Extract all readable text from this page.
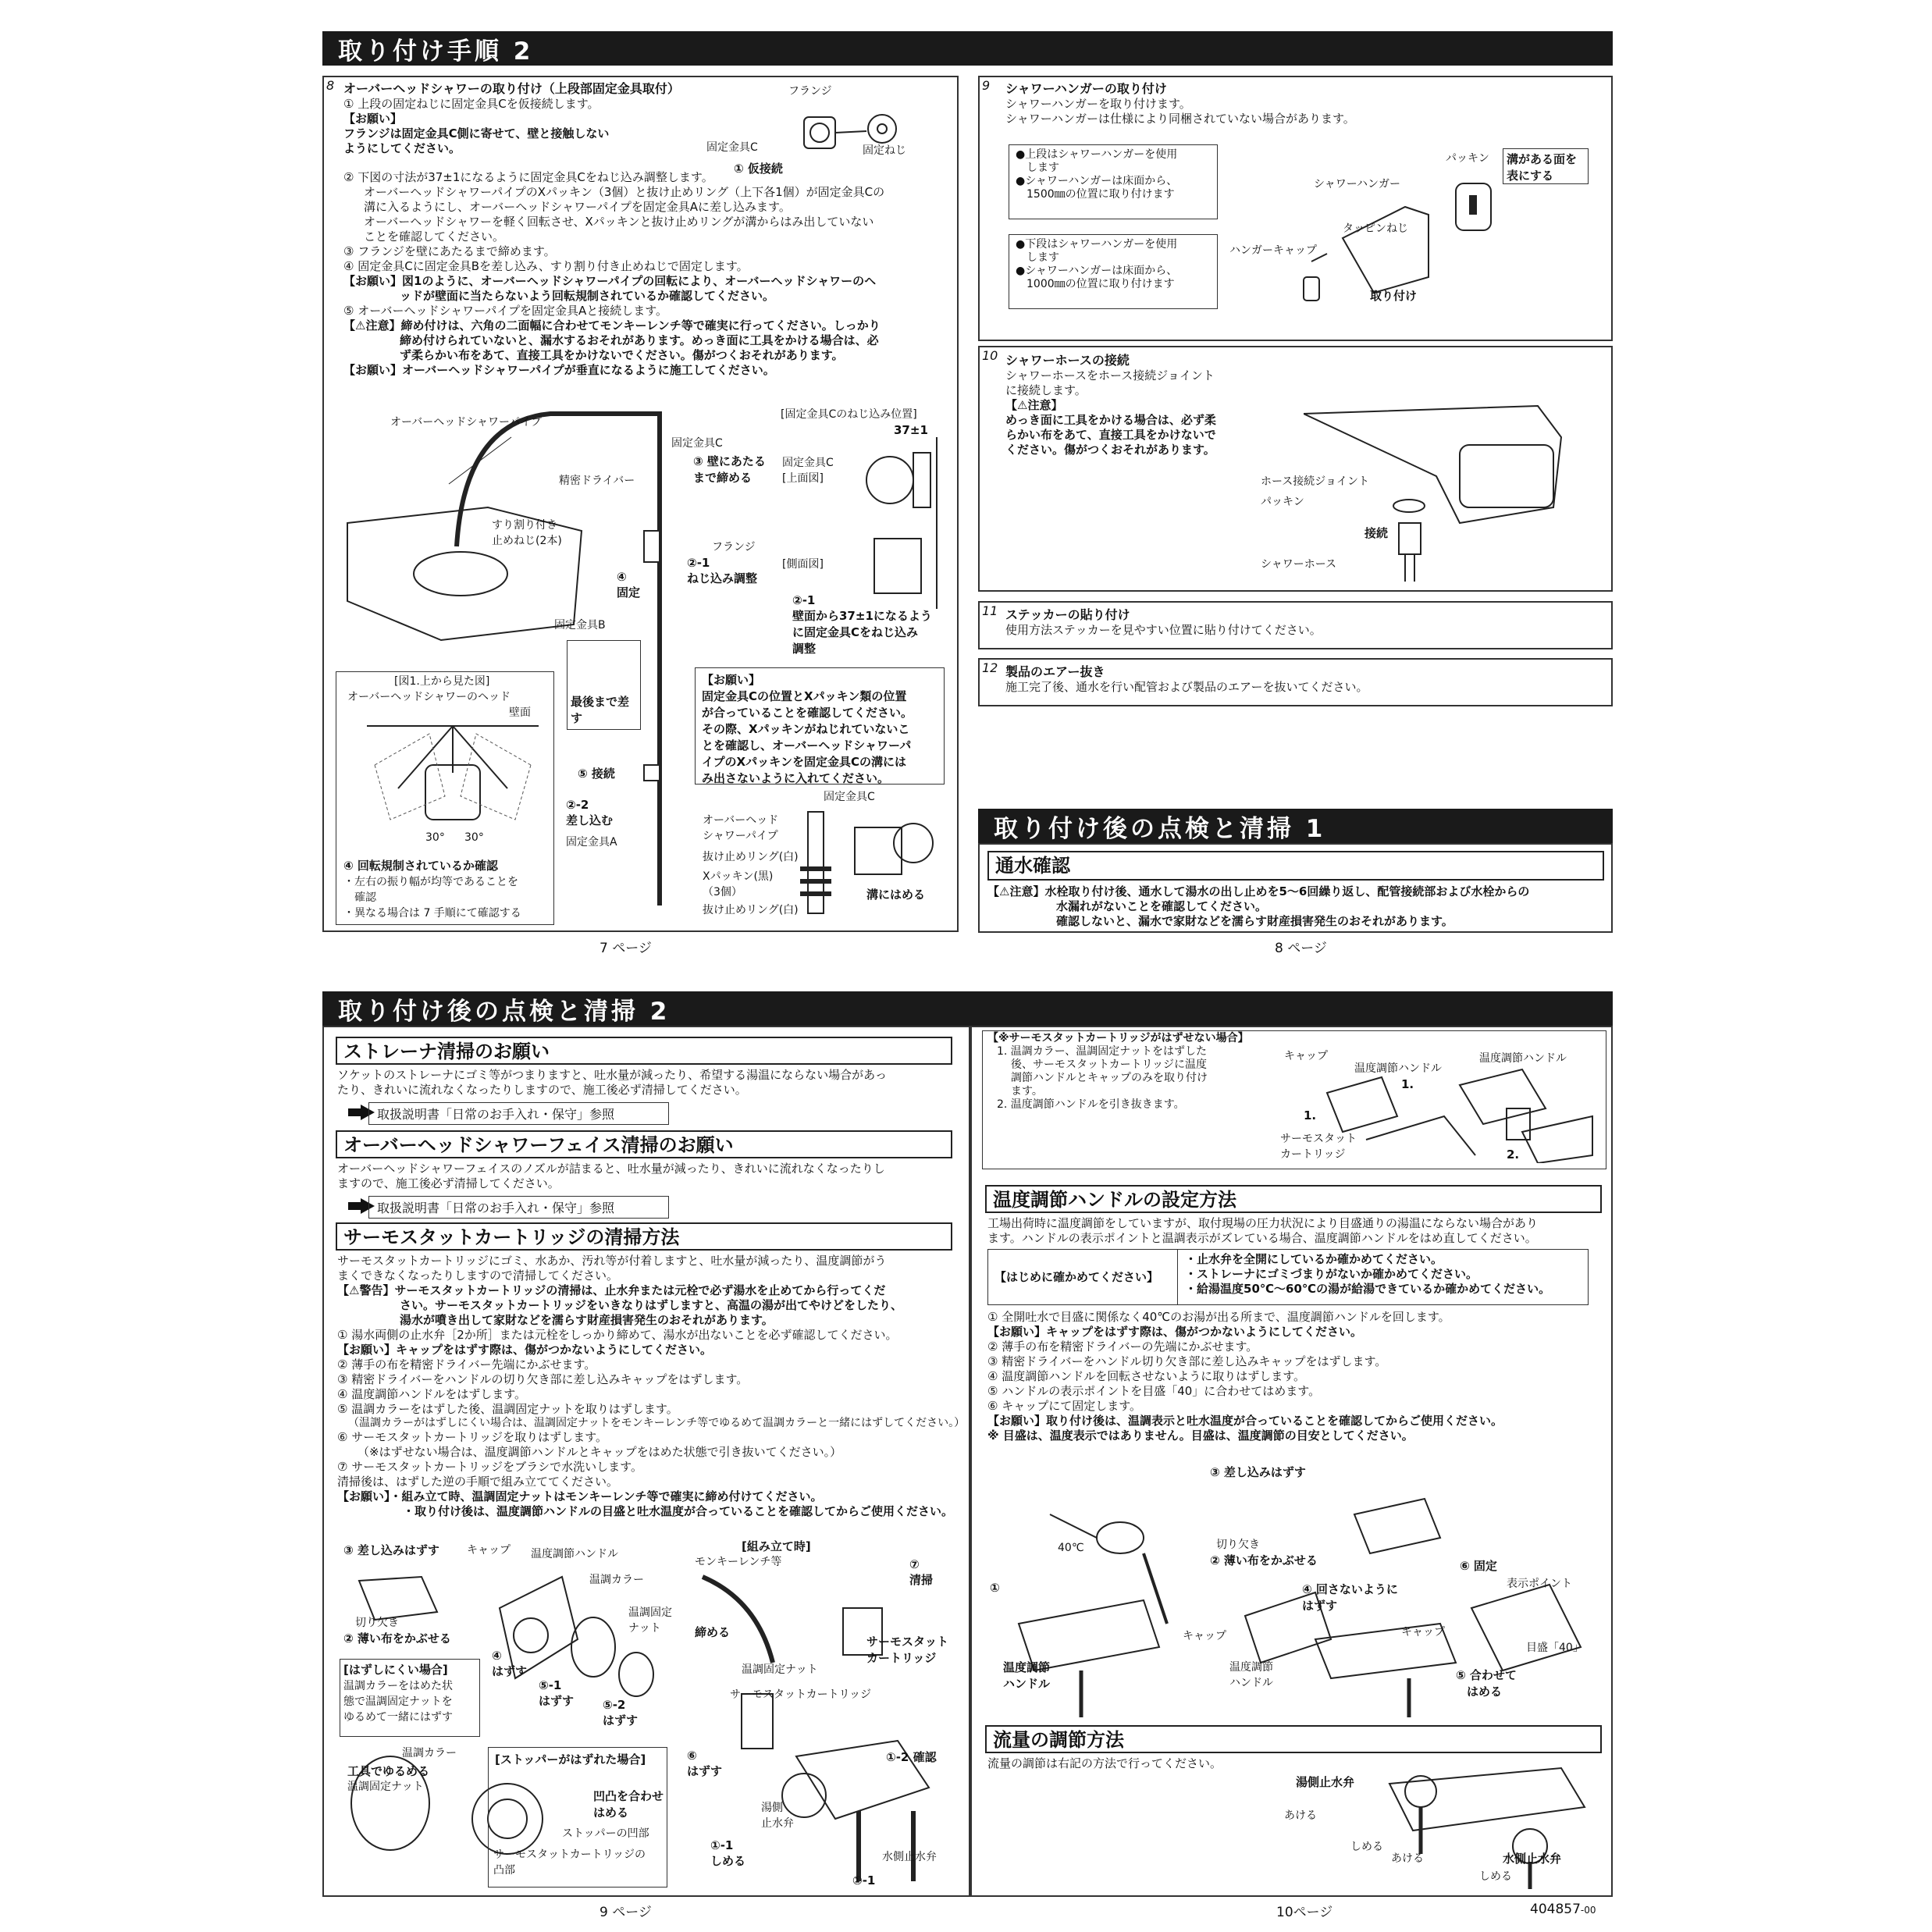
取り付け手順 2
8 オーバーヘッドシャワーの取り付け（上段部固定金具取付）
① 上段の固定ねじに固定金具Cを仮接続します。
【お願い】
フランジは固定金具C側に寄せて、壁と接触しない
ようにしてください。
② 下図の寸法が37±1になるように固定金具Cをねじ込み調整します。
オーバーヘッドシャワーパイプのXパッキン（3個）と抜け止めリング（上下各1個）が固定金具Cの
溝に入るようにし、オーバーヘッドシャワーパイプを固定金具Aに差し込みます。
オーバーヘッドシャワーを軽く回転させ、Xパッキンと抜け止めリングが溝からはみ出していない
ことを確認してください。
③ フランジを壁にあたるまで締めます。
④ 固定金具Cに固定金具Bを差し込み、すり割り付き止めねじで固定します。
【お願い】図1のように、オーバーヘッドシャワーパイプの回転により、オーバーヘッドシャワーのヘ
ッドが壁面に当たらないよう回転規制されているか確認してください。
⑤ オーバーヘッドシャワーパイプを固定金具Aと接続します。
【⚠注意】締め付けは、六角の二面幅に合わせてモンキーレンチ等で確実に行ってください。しっかり
締め付けられていないと、漏水するおそれがあります。めっき面に工具をかける場合は、必
ず柔らかい布をあて、直接工具をかけないでください。傷がつくおそれがあります。
【お願い】オーバーヘッドシャワーパイプが垂直になるように施工してください。
フランジ
固定金具C	固定ねじ
① 仮接続
オーバーヘッドシャワーパイプ
精密ドライバー
すり割り付き
止めねじ(2本)
固定金具C
③ 壁にあたる
まで締める
フランジ
②-1
ねじ込み調整
④
固定
固定金具B
[固定金具Cのねじ込み位置]
37±1
固定金具C
[上面図]
[側面図]
②-1
壁面から37±1になるよう
に固定金具Cをねじ込み
調整
最後まで差す
⑤ 接続
②-2
差し込む
固定金具A
[図1.上から見た図]
オーバーヘッドシャワーのヘッド
壁面
30° 30°
④ 回転規制されているか確認
・左右の振り幅が均等であることを
確認
・異なる場合は 7 手順にて確認する
【お願い】
固定金具Cの位置とXパッキン類の位置
が合っていることを確認してください。
その際、Xパッキンがねじれていないこ
とを確認し、オーバーヘッドシャワーパ
イプのXパッキンを固定金具Cの溝には
み出さないように入れてください。
固定金具C
オーバーヘッド
シャワーパイプ
抜け止めリング(白)
Xパッキン(黒)
（3個）
抜け止めリング(白)
溝にはめる
9 シャワーハンガーの取り付け
シャワーハンガーを取り付けます。
シャワーハンガーは仕様により同梱されていない場合があります。
●上段はシャワーハンガーを使用
します
●シャワーハンガーは床面から、
1500㎜の位置に取り付けます
●下段はシャワーハンガーを使用
します
●シャワーハンガーは床面から、
1000㎜の位置に取り付けます
パッキン 溝がある面を
表にする
シャワーハンガー
タッピンねじ
ハンガーキャップ
取り付け
10 シャワーホースの接続
シャワーホースをホース接続ジョイント
に接続します。
【⚠注意】
めっき面に工具をかける場合は、必ず柔
らかい布をあて、直接工具をかけないで
ください。傷がつくおそれがあります。
ホース接続ジョイント
パッキン
接続
シャワーホース
11 ステッカーの貼り付け
使用方法ステッカーを見やすい位置に貼り付けてください。
12 製品のエアー抜き
施工完了後、通水を行い配管および製品のエアーを抜いてください。
取り付け後の点検と清掃 1
通水確認
【⚠注意】水栓取り付け後、通水して湯水の出し止めを5～6回繰り返し、配管接続部および水栓からの
水漏れがないことを確認してください。
確認しないと、漏水で家財などを濡らす財産損害発生のおそれがあります。
7 ページ	8 ページ
取り付け後の点検と清掃 2
ストレーナ清掃のお願い
ソケットのストレーナにゴミ等がつまりますと、吐水量が減ったり、希望する湯温にならない場合があっ
たり、きれいに流れなくなったりしますので、施工後必ず清掃してください。
取扱説明書「日常のお手入れ・保守」参照
オーバーヘッドシャワーフェイス清掃のお願い
オーバーヘッドシャワーフェイスのノズルが詰まると、吐水量が減ったり、きれいに流れなくなったりし
ますので、施工後必ず清掃してください。
取扱説明書「日常のお手入れ・保守」参照
サーモスタットカートリッジの清掃方法
サーモスタットカートリッジにゴミ、水あか、汚れ等が付着しますと、吐水量が減ったり、温度調節がう
まくできなくなったりしますので清掃してください。
【⚠警告】サーモスタットカートリッジの清掃は、止水弁または元栓で必ず湯水を止めてから行ってくだ
さい。サーモスタットカートリッジをいきなりはずしますと、高温の湯が出てやけどをしたり、
湯水が噴き出して家財などを濡らす財産損害発生のおそれがあります。
① 湯水両側の止水弁［2か所］または元栓をしっかり締めて、湯水が出ないことを必ず確認してください。
【お願い】キャップをはずす際は、傷がつかないようにしてください。
② 薄手の布を精密ドライバー先端にかぶせます。
③ 精密ドライバーをハンドルの切り欠き部に差し込みキャップをはずします。
④ 温度調節ハンドルをはずします。
⑤ 温調カラーをはずした後、温調固定ナットを取りはずします。
（温調カラーがはずしにくい場合は、温調固定ナットをモンキーレンチ等でゆるめて温調カラーと一緒にはずしてください。）
⑥ サーモスタットカートリッジを取りはずします。
（※はずせない場合は、温度調節ハンドルとキャップをはめた状態で引き抜いてください。）
⑦ サーモスタットカートリッジをブラシで水洗いします。
清掃後は、はずした逆の手順で組み立ててください。
【お願い】・組み立て時、温調固定ナットはモンキーレンチ等で確実に締め付けてください。
・取り付け後は、温度調節ハンドルの目盛と吐水温度が合っていることを確認してからご使用ください。
③ 差し込みはずす	キャップ 温度調節ハンドル
切り欠き
② 薄い布をかぶせる
温調カラー
④
はずす
温調固定
ナット
[組み立て時]
モンキーレンチ等	⑦
清掃
締める
温調固定ナット
サーモスタット
カートリッジ
[はずしにくい場合]
温調カラーをはめた状
態で温調固定ナットを
ゆるめて一緒にはずす
⑤-1
はずす ⑤-2
はずす
サーモスタットカートリッジ
温調カラー
工具でゆるめる
温調固定ナット
[ストッパーがはずれた場合]
凹凸を合わせ
はめる
ストッパーの凹部
サーモスタットカートリッジの
凸部
⑥
はずす
①-2 確認
湯側
止水弁
①-1
しめる	水側止水弁
①-1
【※サーモスタットカートリッジがはずせない場合】
1. 温調カラー、温調固定ナットをはずした
後、サーモスタットカートリッジに温度
調節ハンドルとキャップのみを取り付け
ます。
2. 温度調節ハンドルを引き抜きます。
キャップ
温度調節ハンドル
温度調節ハンドル
1.
1.
2.
サーモスタット
カートリッジ
温度調節ハンドルの設定方法
工場出荷時に温度調節をしていますが、取付現場の圧力状況により目盛通りの湯温にならない場合があり
ます。ハンドルの表示ポイントと温調表示がズレている場合、温度調節ハンドルをはめ直してください。
【はじめに確かめてください】
・止水弁を全開にしているか確かめてください。
・ストレーナにゴミづまりがないか確かめてください。
・給湯温度50℃～60℃の湯が給湯できているか確かめてください。
① 全開吐水で目盛に関係なく40℃のお湯が出る所まで、温度調節ハンドルを回します。
【お願い】キャップをはずす際は、傷がつかないようにしてください。
② 薄手の布を精密ドライバーの先端にかぶせます。
③ 精密ドライバーをハンドル切り欠き部に差し込みキャップをはずします。
④ 温度調節ハンドルを回転させないように取りはずします。
⑤ ハンドルの表示ポイントを目盛「40」に合わせてはめます。
⑥ キャップにて固定します。
【お願い】取り付け後は、温調表示と吐水温度が合っていることを確認してからご使用ください。
※ 目盛は、温度表示ではありません。目盛は、温度調節の目安としてください。
③ 差し込みはずす
切り欠き
② 薄い布をかぶせる
40℃
①
温度調節
ハンドル
キャップ
④ 回さないように
はずす
温度調節
ハンドル
⑥ 固定
表示ポイント
キャップ
目盛「40」
⑤ 合わせて
はめる
流量の調節方法
流量の調節は右記の方法で行ってください。
湯側止水弁
あける
しめる
あける	水側止水弁
しめる
9 ページ	10ページ	404857-00
